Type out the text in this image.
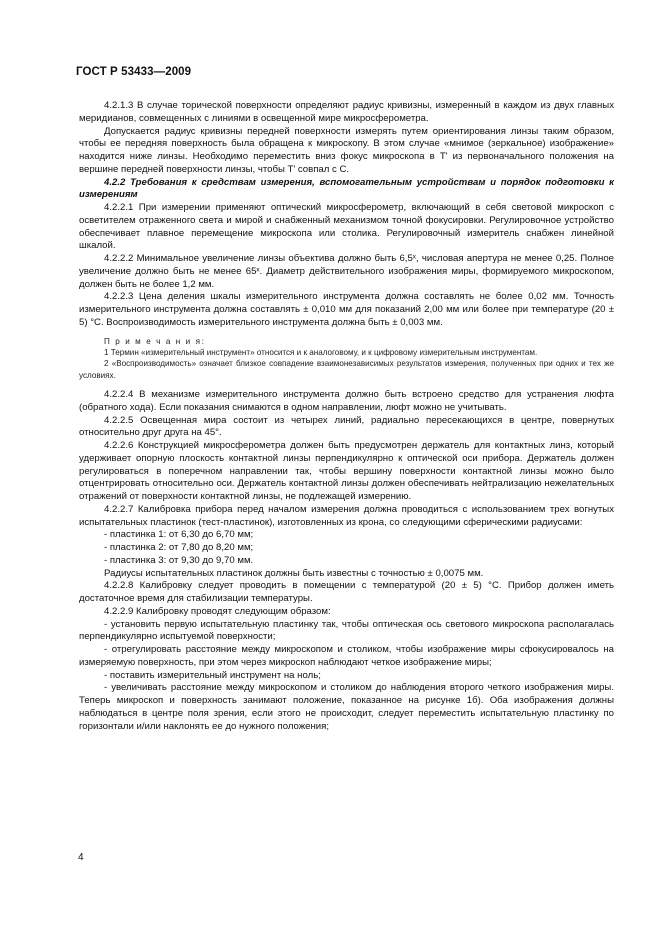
ГОСТ Р 53433—2009

4.2.1.3 В случае торической поверхности определяют радиус кривизны, измеренный в каждом из двух главных меридианов, совмещенных с линиями в освещенной мире микросферометра.

Допускается радиус кривизны передней поверхности измерять путем ориентирования линзы таким образом, чтобы ее передняя поверхность была обращена к микроскопу. В этом случае «мнимое (зеркальное) изображение» находится ниже линзы. Необходимо переместить вниз фокус микроскопа в T' из первоначального положения на вершине передней поверхности линзы, чтобы T' совпал с C.

4.2.2 Требования к средствам измерения, вспомогательным устройствам и порядок подготовки к измерениям

4.2.2.1 При измерении применяют оптический микросферометр, включающий в себя световой микроскоп с осветителем отраженного света и мирой и снабженный механизмом точной фокусировки. Регулировочное устройство обеспечивает плавное перемещение микроскопа или столика. Регулировочный измеритель снабжен линейной шкалой.

4.2.2.2 Минимальное увеличение линзы объектива должно быть 6,5ˣ, числовая апертура не менее 0,25. Полное увеличение должно быть не менее 65ˣ. Диаметр действительного изображения миры, формируемого микроскопом, должен быть не более 1,2 мм.

4.2.2.3 Цена деления шкалы измерительного инструмента должна составлять не более 0,02 мм. Точность измерительного инструмента должна составлять ± 0,010 мм для показаний 2,00 мм или более при температуре (20 ± 5) °С. Воспроизводимость измерительного инструмента должна быть ± 0,003 мм.

П р и м е ч а н и я:

1 Термин «измерительный инструмент» относится и к аналоговому, и к цифровому измерительным инструментам.

2 «Воспроизводимость» означает близкое совпадение взаимонезависимых результатов измерения, полученных при одних и тех же условиях.

4.2.2.4 В механизме измерительного инструмента должно быть встроено средство для устранения люфта (обратного хода). Если показания снимаются в одном направлении, люфт можно не учитывать.

4.2.2.5 Освещенная мира состоит из четырех линий, радиально пересекающихся в центре, повернутых относительно друг друга на 45°.

4.2.2.6 Конструкцией микросферометра должен быть предусмотрен держатель для контактных линз, который удерживает опорную плоскость контактной линзы перпендикулярно к оптической оси прибора. Держатель должен регулироваться в поперечном направлении так, чтобы вершину поверхности контактной линзы можно было отцентрировать относительно оси. Держатель контактной линзы должен обеспечивать нейтрализацию нежелательных отражений от поверхности контактной линзы, не подлежащей измерению.

4.2.2.7 Калибровка прибора перед началом измерения должна проводиться с использованием трех вогнутых испытательных пластинок (тест-пластинок), изготовленных из крона, со следующими сферическими радиусами:

- пластинка 1: от 6,30 до 6,70 мм;

- пластинка 2: от 7,80 до 8,20 мм;

- пластинка 3: от 9,30 до 9,70 мм.

Радиусы испытательных пластинок должны быть известны с точностью ± 0,0075 мм.

4.2.2.8 Калибровку следует проводить в помещении с температурой (20 ± 5) °С. Прибор должен иметь достаточное время для стабилизации температуры.

4.2.2.9 Калибровку проводят следующим образом:

- установить первую испытательную пластинку так, чтобы оптическая ось светового микроскопа располагалась перпендикулярно испытуемой поверхности;

- отрегулировать расстояние между микроскопом и столиком, чтобы изображение миры сфокусировалось на измеряемую поверхность, при этом через микроскоп наблюдают четкое изображение миры;

- поставить измерительный инструмент на ноль;

- увеличивать расстояние между микроскопом и столиком до наблюдения второго четкого изображения миры. Теперь микроскоп и поверхность занимают положение, показанное на рисунке 1б). Оба изображения должны наблюдаться в центре поля зрения, если этого не происходит, следует переместить испытательную пластинку по горизонтали и/или наклонять ее до нужного положения;

4
